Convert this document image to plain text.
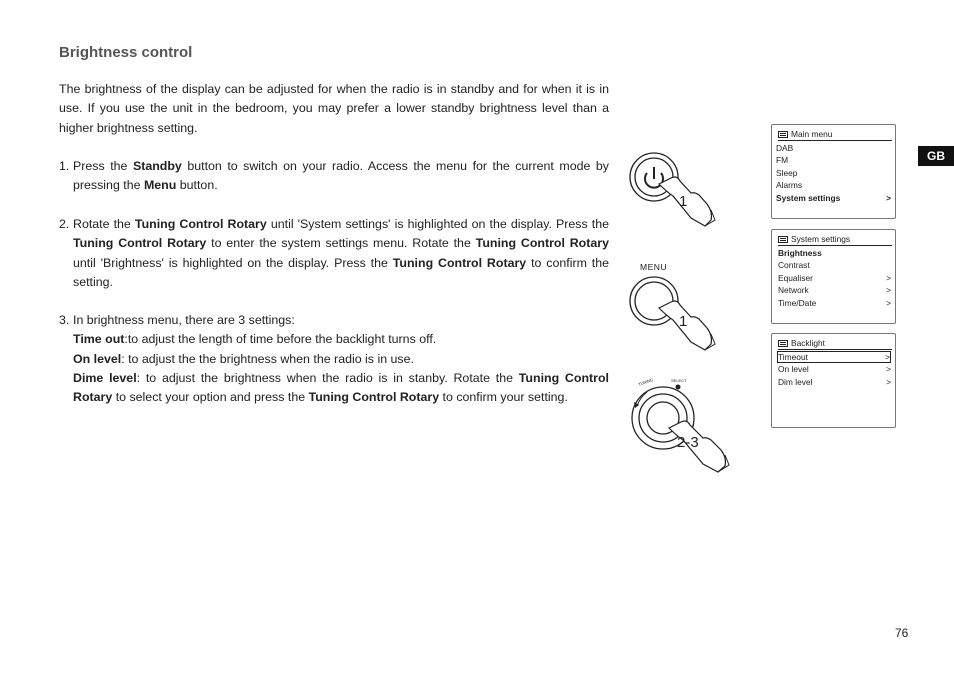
Brightness control

The brightness of the display can be adjusted for when the radio is in standby and for when it is in use. If you use the unit in the bedroom, you may prefer a lower standby brightness level than a higher brightness setting.

1. Press the Standby button to switch on your radio. Access the menu for the current mode by pressing the Menu button.
2. Rotate the Tuning Control Rotary until 'System settings' is highlighted on the display. Press the Tuning Control Rotary to enter the system settings menu. Rotate the Tuning Control Rotary until 'Brightness' is highlighted on the display. Press the Tuning Control Rotary to confirm the setting.
3. In brightness menu, there are 3 settings:
Time out:to adjust the length of time before the backlight turns off.
On level: to adjust the the brightness when the radio is in use.
Dime level: to adjust the brightness when the radio is in stanby. Rotate the Tuning Control Rotary to select your option and press the Tuning Control Rotary to confirm your setting.
1
MENU
1
TUNING	SELECT
2-3
Main menu
DAB
FM
Sleep
Alarms
System settings	>
System settings
Brightness
Contrast
Equaliser	>
Network	>
Time/Date	>
Backlight
Timeout	>
On level	>
Dim level	>
GB
76
